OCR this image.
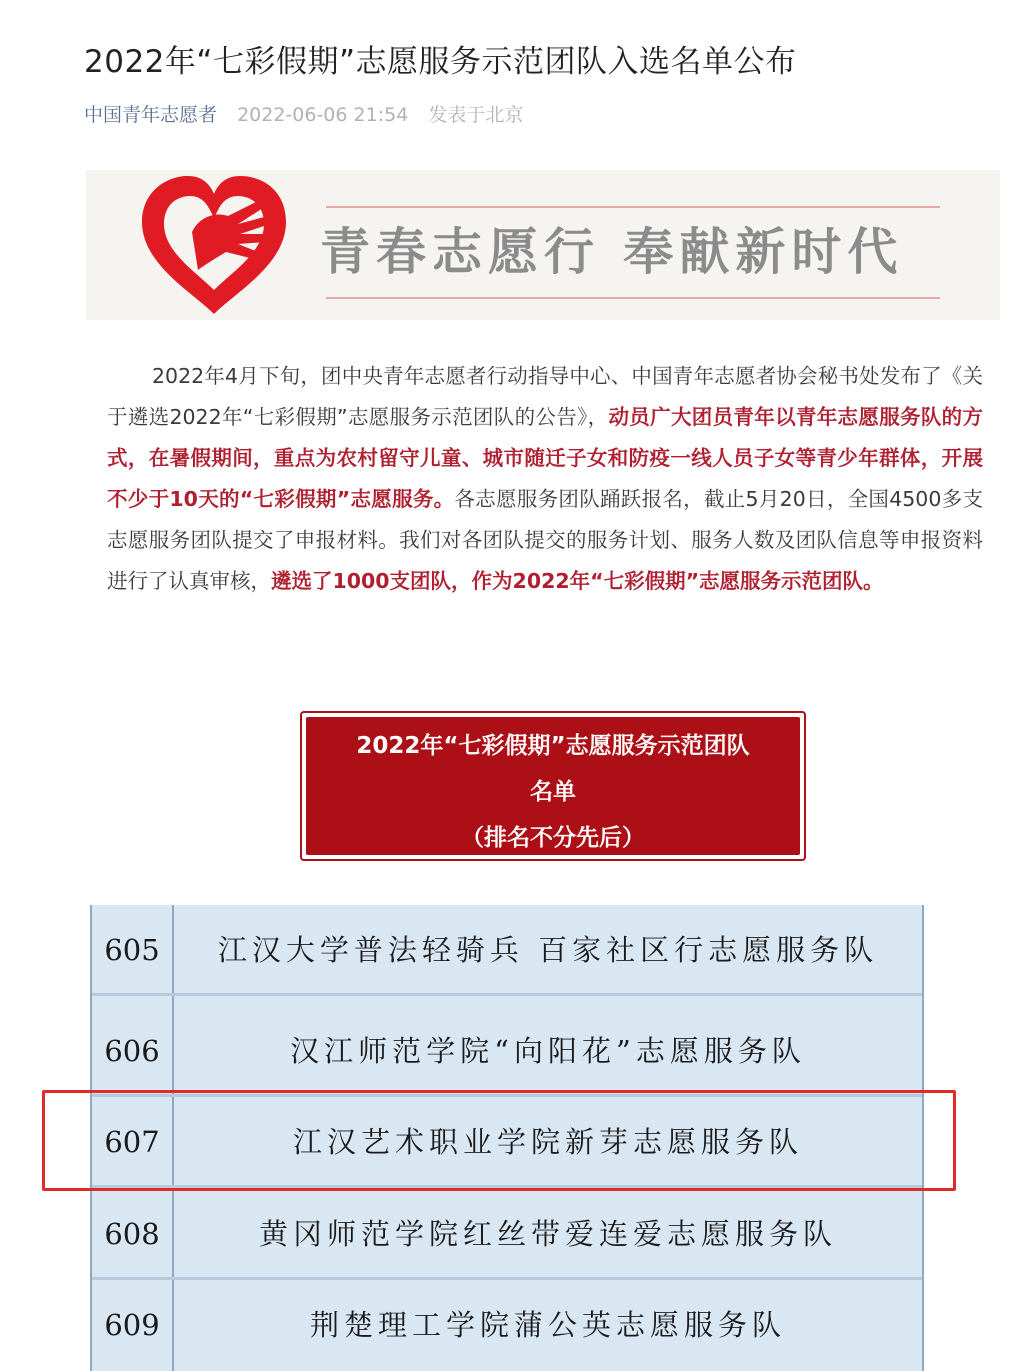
2022年“七彩假期”志愿服务示范团队入选名单公布
中国青年志愿者 2022-06-06 21:54 发表于北京
青春志愿行 奉献新时代
2022年4月下旬，团中央青年志愿者行动指导中心、中国青年志愿者协会秘书处发布了《关于遴选2022年“七彩假期”志愿服务示范团队的公告》，动员广大团员青年以青年志愿服务队的方式，在暑假期间，重点为农村留守儿童、城市随迁子女和防疫一线人员子女等青少年群体，开展不少于10天的“七彩假期”志愿服务。各志愿服务团队踊跃报名，截止5月20日，全国4500多支志愿服务团队提交了申报材料。我们对各团队提交的服务计划、服务人数及团队信息等申报资料进行了认真审核，遴选了1000支团队，作为2022年“七彩假期”志愿服务示范团队。
2022年“七彩假期”志愿服务示范团队
名单
（排名不分先后）
605	江汉大学普法轻骑兵 百家社区行志愿服务队
606	汉江师范学院“向阳花”志愿服务队
607	江汉艺术职业学院新芽志愿服务队
608	黄冈师范学院红丝带爱连爱志愿服务队
609	荆楚理工学院蒲公英志愿服务队
